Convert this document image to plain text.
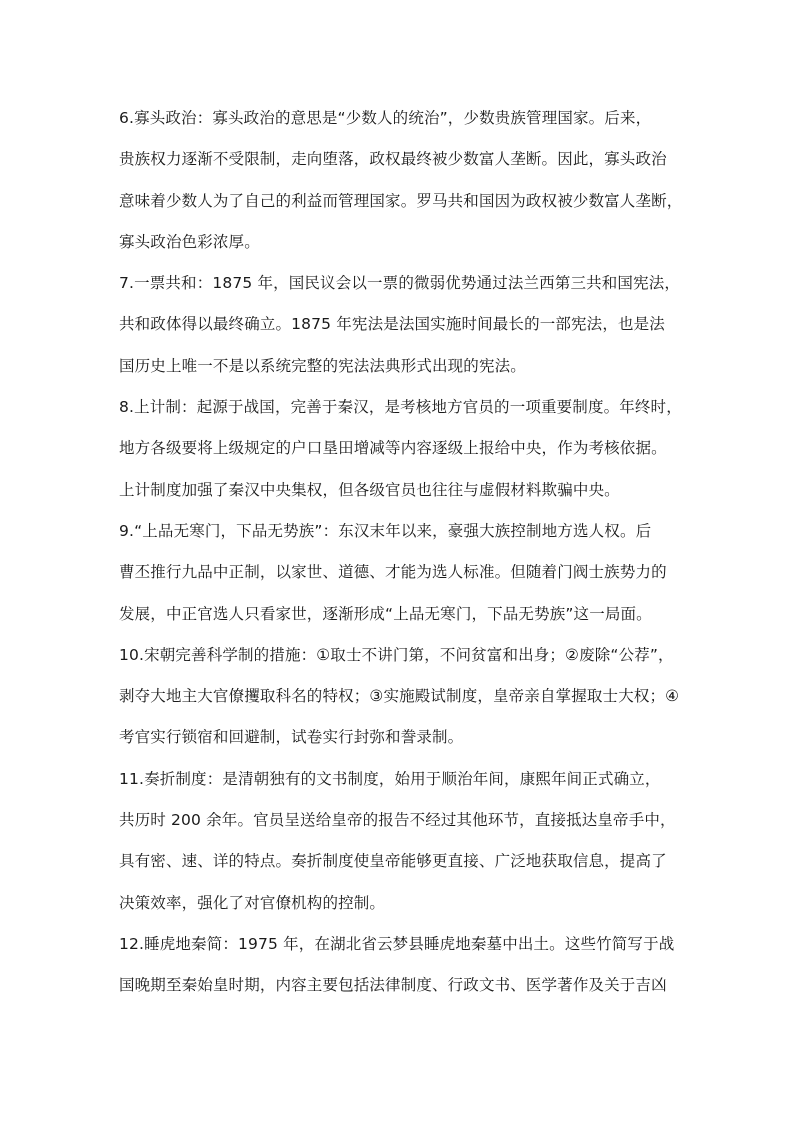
6.寡头政治：寡头政治的意思是“少数人的统治”，少数贵族管理国家。后来，
贵族权力逐渐不受限制，走向堕落，政权最终被少数富人垄断。因此，寡头政治
意味着少数人为了自己的利益而管理国家。罗马共和国因为政权被少数富人垄断，
寡头政治色彩浓厚。
7.一票共和：1875 年，国民议会以一票的微弱优势通过法兰西第三共和国宪法，
共和政体得以最终确立。1875 年宪法是法国实施时间最长的一部宪法，也是法
国历史上唯一不是以系统完整的宪法法典形式出现的宪法。
8.上计制：起源于战国，完善于秦汉，是考核地方官员的一项重要制度。年终时，
地方各级要将上级规定的户口垦田增减等内容逐级上报给中央，作为考核依据。
上计制度加强了秦汉中央集权，但各级官员也往往与虚假材料欺骗中央。
9.“上品无寒门，下品无势族”：东汉末年以来，豪强大族控制地方选人权。后
曹丕推行九品中正制，以家世、道德、才能为选人标准。但随着门阀士族势力的
发展，中正官选人只看家世，逐渐形成“上品无寒门，下品无势族”这一局面。
10.宋朝完善科学制的措施：①取士不讲门第，不问贫富和出身；②废除“公荐”，
剥夺大地主大官僚攫取科名的特权；③实施殿试制度，皇帝亲自掌握取士大权；④
考官实行锁宿和回避制，试卷实行封弥和誊录制。
11.奏折制度：是清朝独有的文书制度，始用于顺治年间，康熙年间正式确立，
共历时 200 余年。官员呈送给皇帝的报告不经过其他环节，直接抵达皇帝手中，
具有密、速、详的特点。奏折制度使皇帝能够更直接、广泛地获取信息，提高了
决策效率，强化了对官僚机构的控制。
12.睡虎地秦简：1975 年，在湖北省云梦县睡虎地秦墓中出土。这些竹简写于战
国晚期至秦始皇时期，内容主要包括法律制度、行政文书、医学著作及关于吉凶
